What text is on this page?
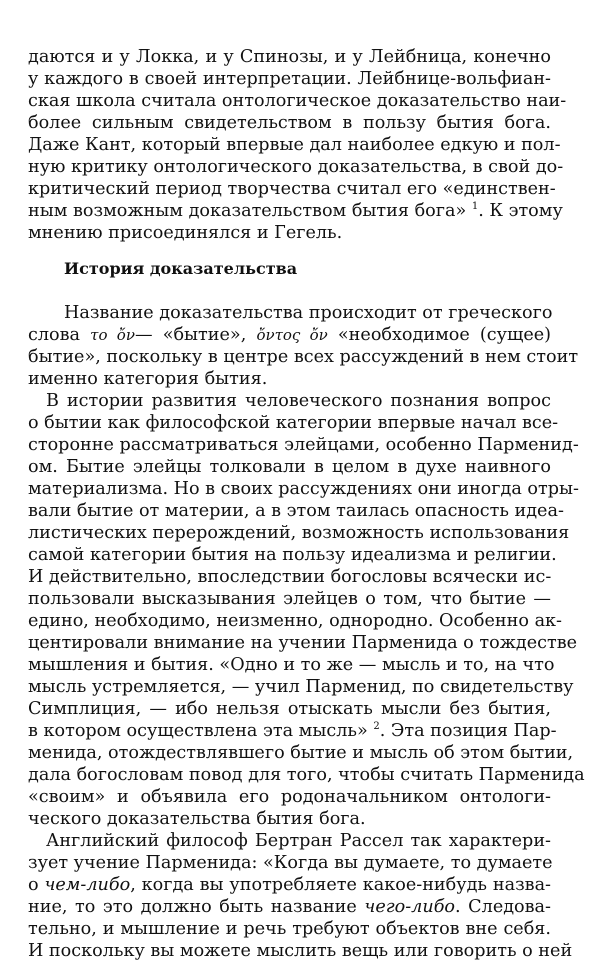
даются и у Локка, и у Спинозы, и у Лейбница, конечно
у каждого в своей интерпретации. Лейбнице-вольфиан-
ская школа считала онтологическое доказательство наи-
более сильным свидетельством в пользу бытия бога.
Даже Кант, который впервые дал наиболее едкую и пол-
ную критику онтологического доказательства, в свой до-
критический период творчества считал его «единствен-
ным возможным доказательством бытия бога» $^1$. К этому
мнению присоединялся и Гегель.
История доказательства
Название доказательства происходит от греческого
слова το ὄν— «бытие», ὄντος ὄν «необходимое (сущее)
бытие», поскольку в центре всех рассуждений в нем стоит
именно категория бытия.
В истории развития человеческого познания вопрос
о бытии как философской категории впервые начал все-
сторонне рассматриваться элейцами, особенно Парменид-
ом. Бытие элейцы толковали в целом в духе наивного
материализма. Но в своих рассуждениях они иногда отры-
вали бытие от материи, а в этом таилась опасность идеа-
листических перерождений, возможность использования
самой категории бытия на пользу идеализма и религии.
И действительно, впоследствии богословы всячески ис-
пользовали высказывания элейцев о том, что бытие —
едино, необходимо, неизменно, однородно. Особенно ак-
центировали внимание на учении Парменида о тождестве
мышления и бытия. «Одно и то же — мысль и то, на что
мысль устремляется, — учил Парменид, по свидетельству
Симплиция, — ибо нельзя отыскать мысли без бытия,
в котором осуществлена эта мысль» $^2$. Эта позиция Пар-
менида, отождествлявшего бытие и мысль об этом бытии,
дала богословам повод для того, чтобы считать Парменида
«своим» и объявила его родоначальником онтологи-
ческого доказательства бытия бога.
Английский философ Бертран Рассел так характери-
зует учение Парменида: «Когда вы думаете, то думаете
о чем-либо, когда вы употребляете какое-нибудь назва-
ние, то это должно быть название чего-либо. Следова-
тельно, и мышление и речь требуют объектов вне себя.
И поскольку вы можете мыслить вещь или говорить о ней
